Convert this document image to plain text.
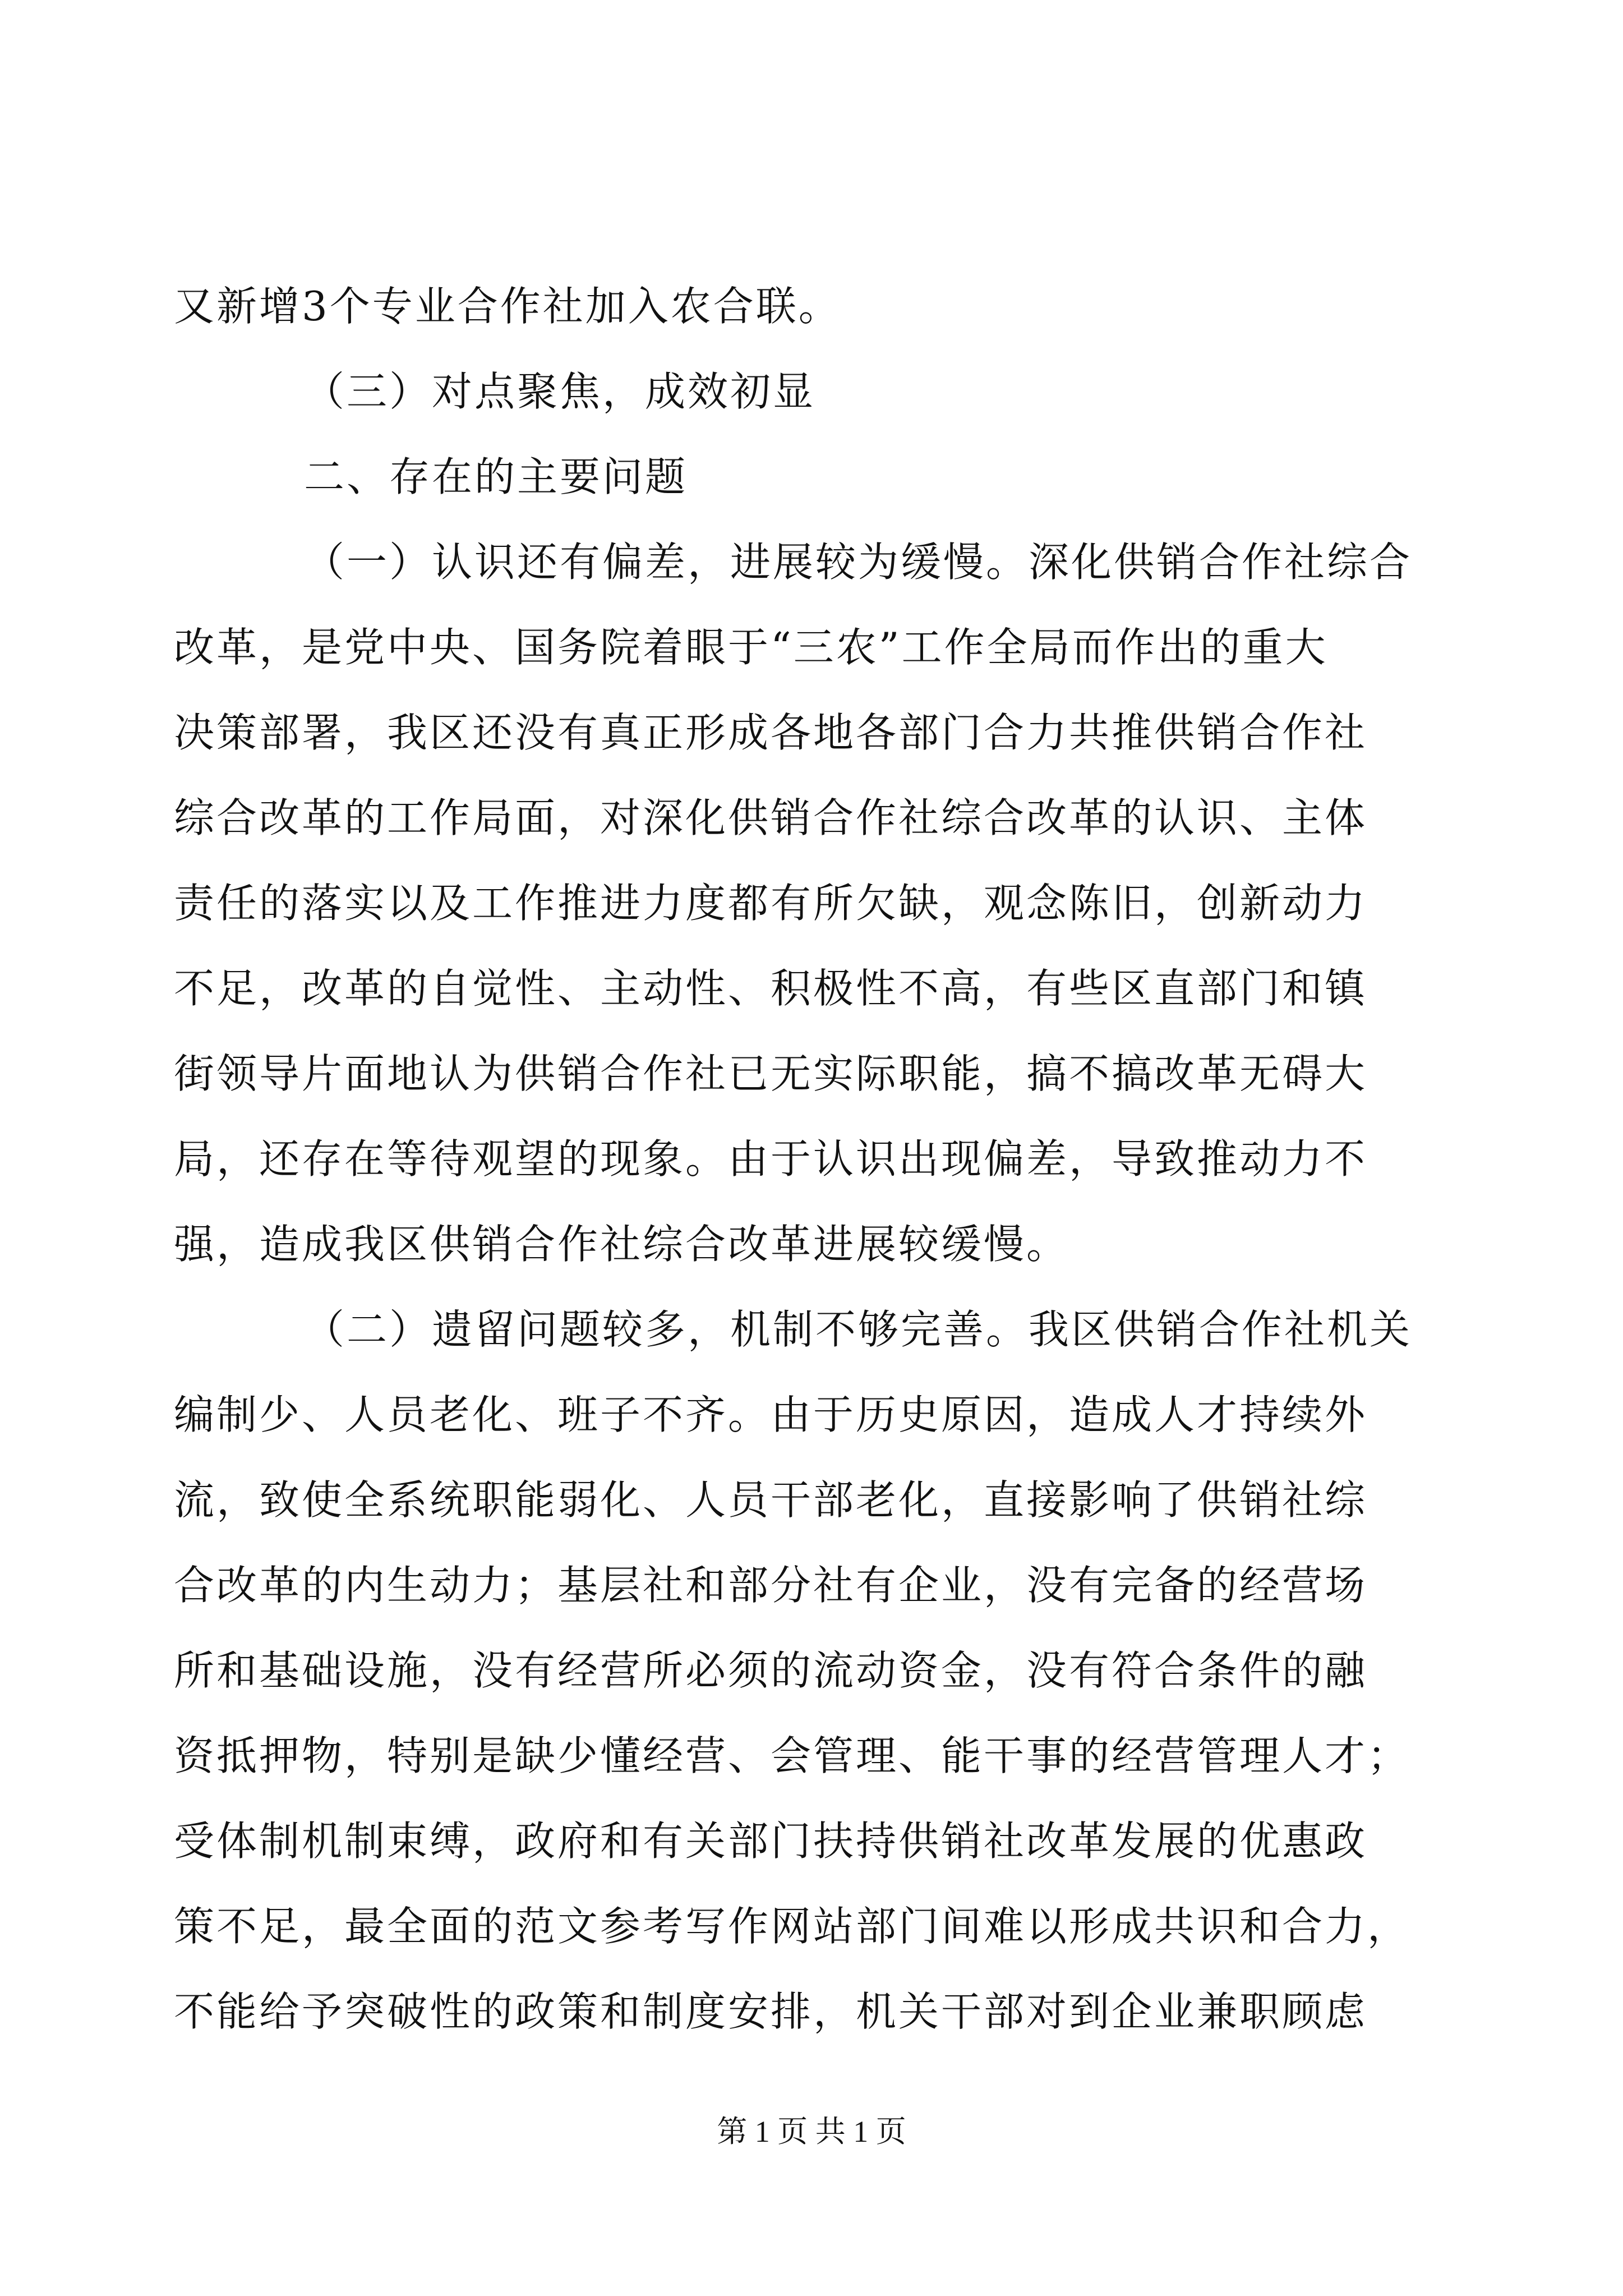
又新增3个专业合作社加入农合联。
（三）对点聚焦，成效初显
二、存在的主要问题
（一）认识还有偏差，进展较为缓慢。深化供销合作社综合
改革，是党中央、国务院着眼于“三农”工作全局而作出的重大
决策部署，我区还没有真正形成各地各部门合力共推供销合作社
综合改革的工作局面，对深化供销合作社综合改革的认识、主体
责任的落实以及工作推进力度都有所欠缺，观念陈旧，创新动力
不足，改革的自觉性、主动性、积极性不高，有些区直部门和镇
街领导片面地认为供销合作社已无实际职能，搞不搞改革无碍大
局，还存在等待观望的现象。由于认识出现偏差，导致推动力不
强，造成我区供销合作社综合改革进展较缓慢。
（二）遗留问题较多，机制不够完善。我区供销合作社机关
编制少、人员老化、班子不齐。由于历史原因，造成人才持续外
流，致使全系统职能弱化、人员干部老化，直接影响了供销社综
合改革的内生动力；基层社和部分社有企业，没有完备的经营场
所和基础设施，没有经营所必须的流动资金，没有符合条件的融
资抵押物，特别是缺少懂经营、会管理、能干事的经营管理人才；
受体制机制束缚，政府和有关部门扶持供销社改革发展的优惠政
策不足，最全面的范文参考写作网站部门间难以形成共识和合力，
不能给予突破性的政策和制度安排，机关干部对到企业兼职顾虑
第 1 页 共 1 页
